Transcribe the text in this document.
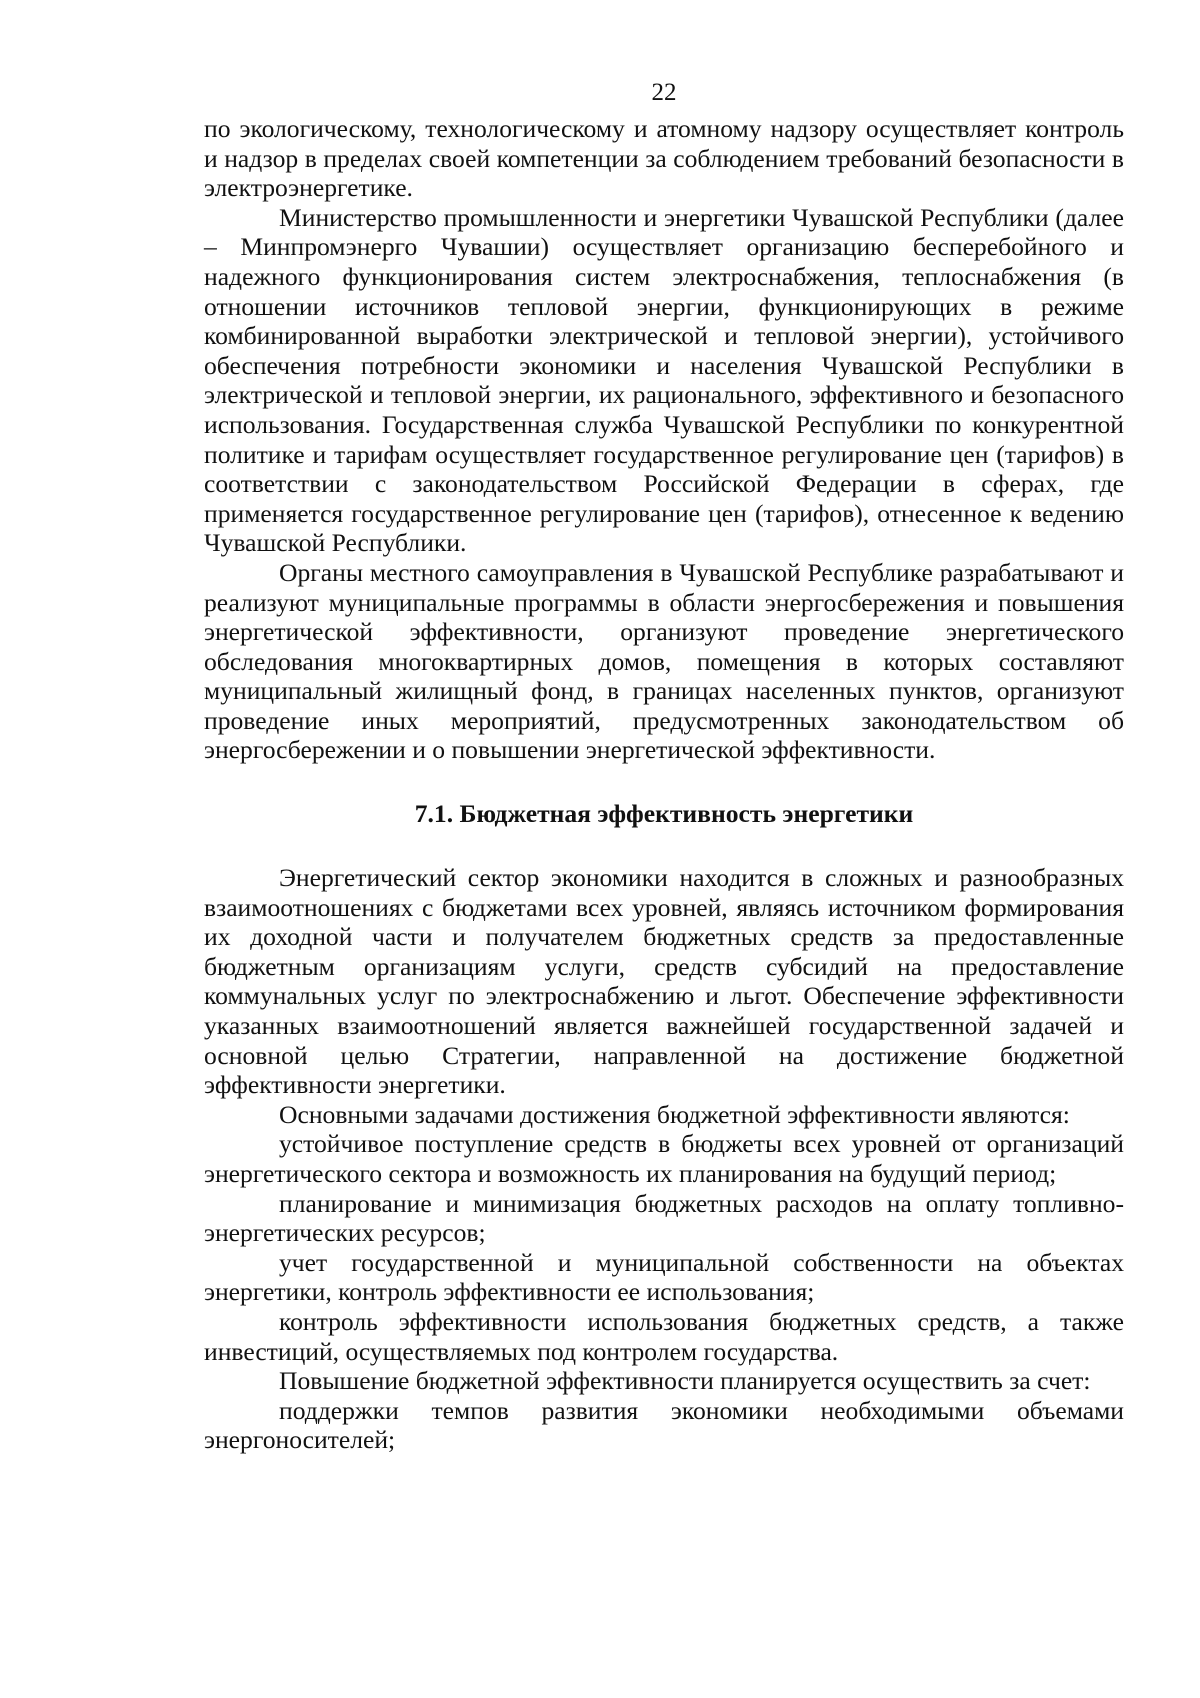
22

по экологическому, технологическому и атомному надзору осуществляет контроль и надзор в пределах своей компетенции за соблюдением требований безопасности в электроэнергетике.

Министерство промышленности и энергетики Чувашской Республики (далее – Минпромэнерго Чувашии) осуществляет организацию бесперебойного и надежного функционирования систем электроснабжения, теплоснабжения (в отношении источников тепловой энергии, функционирующих в режиме комбинированной выработки электрической и тепловой энергии), устойчивого обеспечения потребности экономики и населения Чувашской Республики в электрической и тепловой энергии, их рационального, эффективного и безопасного использования. Государственная служба Чувашской Республики по конкурентной политике и тарифам осуществляет государственное регулирование цен (тарифов) в соответствии с законодательством Российской Федерации в сферах, где применяется государственное регулирование цен (тарифов), отнесенное к ведению Чувашской Республики.

Органы местного самоуправления в Чувашской Республике разрабатывают и реализуют муниципальные программы в области энергосбережения и повышения энергетической эффективности, организуют проведение энергетического обследования многоквартирных домов, помещения в которых составляют муниципальный жилищный фонд, в границах населенных пунктов, организуют проведение иных мероприятий, предусмотренных законодательством об энергосбережении и о повышении энергетической эффективности.

7.1. Бюджетная эффективность энергетики

Энергетический сектор экономики находится в сложных и разнообразных взаимоотношениях с бюджетами всех уровней, являясь источником формирования их доходной части и получателем бюджетных средств за предоставленные бюджетным организациям услуги, средств субсидий на предоставление коммунальных услуг по электроснабжению и льгот. Обеспечение эффективности указанных взаимоотношений является важнейшей государственной задачей и основной целью Стратегии, направленной на достижение бюджетной эффективности энергетики.

Основными задачами достижения бюджетной эффективности являются:

устойчивое поступление средств в бюджеты всех уровней от организаций энергетического сектора и возможность их планирования на будущий период;

планирование и минимизация бюджетных расходов на оплату топливно-энергетических ресурсов;

учет государственной и муниципальной собственности на объектах энергетики, контроль эффективности ее использования;

контроль эффективности использования бюджетных средств, а также инвестиций, осуществляемых под контролем государства.

Повышение бюджетной эффективности планируется осуществить за счет:

поддержки темпов развития экономики необходимыми объемами энергоносителей;
